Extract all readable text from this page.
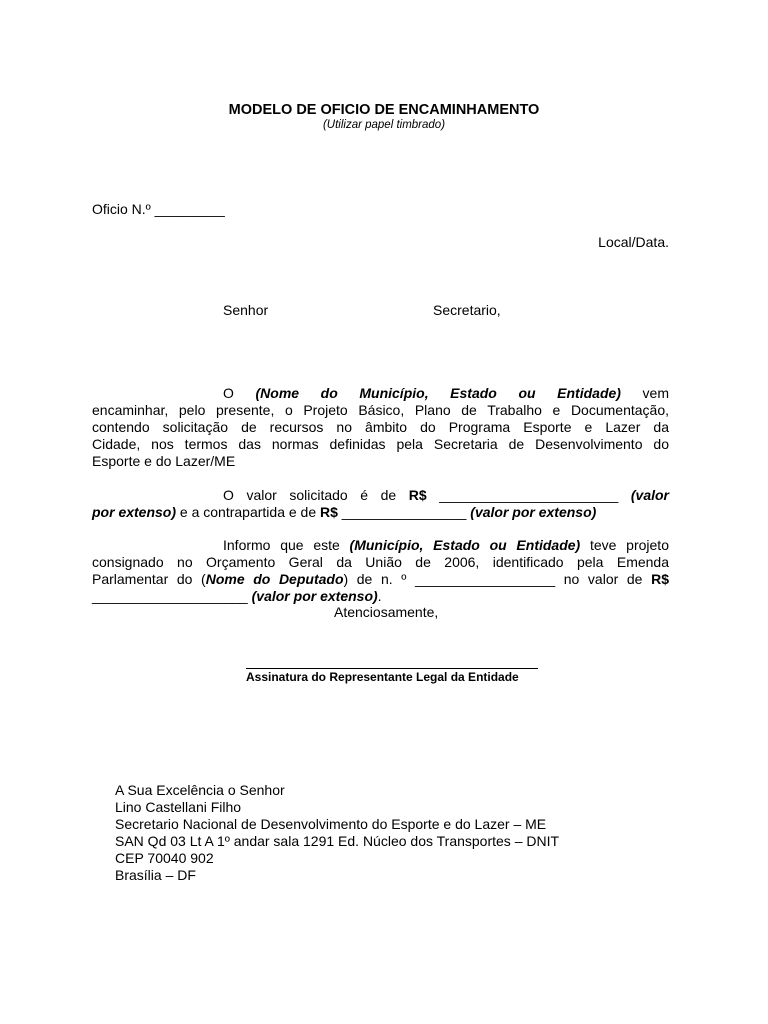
MODELO DE OFICIO DE ENCAMINHAMENTO
(Utilizar papel timbrado)
Oficio N.º _________
Local/Data.
Senhor	Secretario,
O (Nome do Município, Estado ou Entidade) vem
encaminhar, pelo presente, o Projeto Básico, Plano de Trabalho e Documentação,
contendo solicitação de recursos no âmbito do Programa Esporte e Lazer da
Cidade, nos termos das normas definidas pela Secretaria de Desenvolvimento do
Esporte e do Lazer/ME
O valor solicitado é de R$ _______________________ (valor
por extenso) e a contrapartida e de R$ ________________ (valor por extenso)
Informo que este (Município, Estado ou Entidade) teve projeto
consignado no Orçamento Geral da União de 2006, identificado pela Emenda
Parlamentar do (Nome do Deputado) de n. º __________________ no valor de R$
____________________ (valor por extenso).
Atenciosamente,
Assinatura do Representante Legal da Entidade
A Sua Excelência o Senhor
Lino Castellani Filho
Secretario Nacional de Desenvolvimento do Esporte e do Lazer – ME
SAN Qd 03 Lt A 1º andar sala 1291 Ed. Núcleo dos Transportes – DNIT
CEP 70040 902
Brasília – DF
